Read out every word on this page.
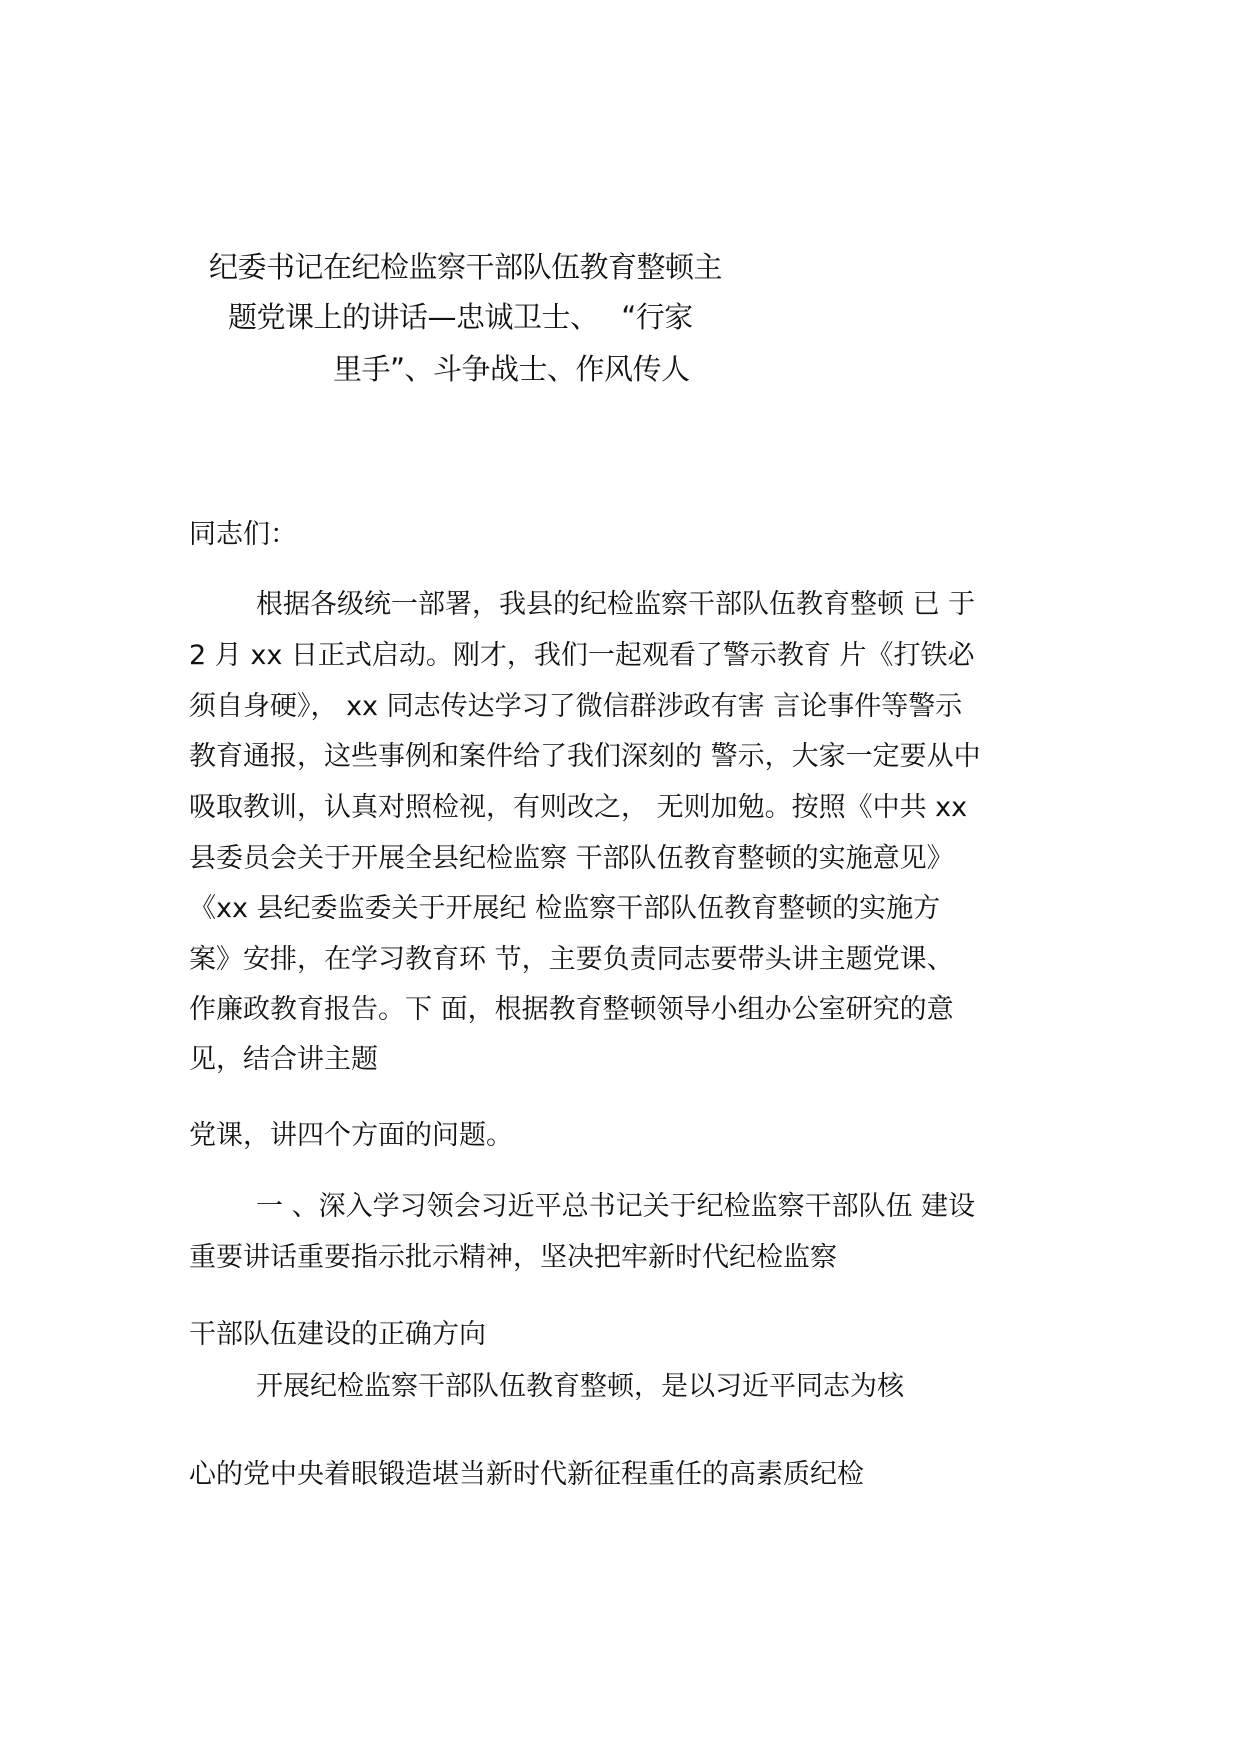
纪委书记在纪检监察干部队伍教育整顿主
题党课上的讲话—忠诚卫士、　 “行家
里手”、斗争战士、作风传人

同志们：

根据各级统一部署，我县的纪检监察干部队伍教育整顿 已 于

2 月 xx 日正式启动。刚才，我们一起观看了警示教育 片《打铁必

须自身硬》， xx 同志传达学习了微信群涉政有害 言论事件等警示

教育通报，这些事例和案件给了我们深刻的 警示，大家一定要从中

吸取教训，认真对照检视，有则改之， 无则加勉。按照《中共 xx

县委员会关于开展全县纪检监察 干部队伍教育整顿的实施意见》

《xx 县纪委监委关于开展纪 检监察干部队伍教育整顿的实施方

案》安排，在学习教育环 节，主要负责同志要带头讲主题党课、

作廉政教育报告。下 面，根据教育整顿领导小组办公室研究的意

见，结合讲主题

党课，讲四个方面的问题。

一 、深入学习领会习近平总书记关于纪检监察干部队伍 建设

重要讲话重要指示批示精神，坚决把牢新时代纪检监察

干部队伍建设的正确方向

开展纪检监察干部队伍教育整顿，是以习近平同志为核

心的党中央着眼锻造堪当新时代新征程重任的高素质纪检
